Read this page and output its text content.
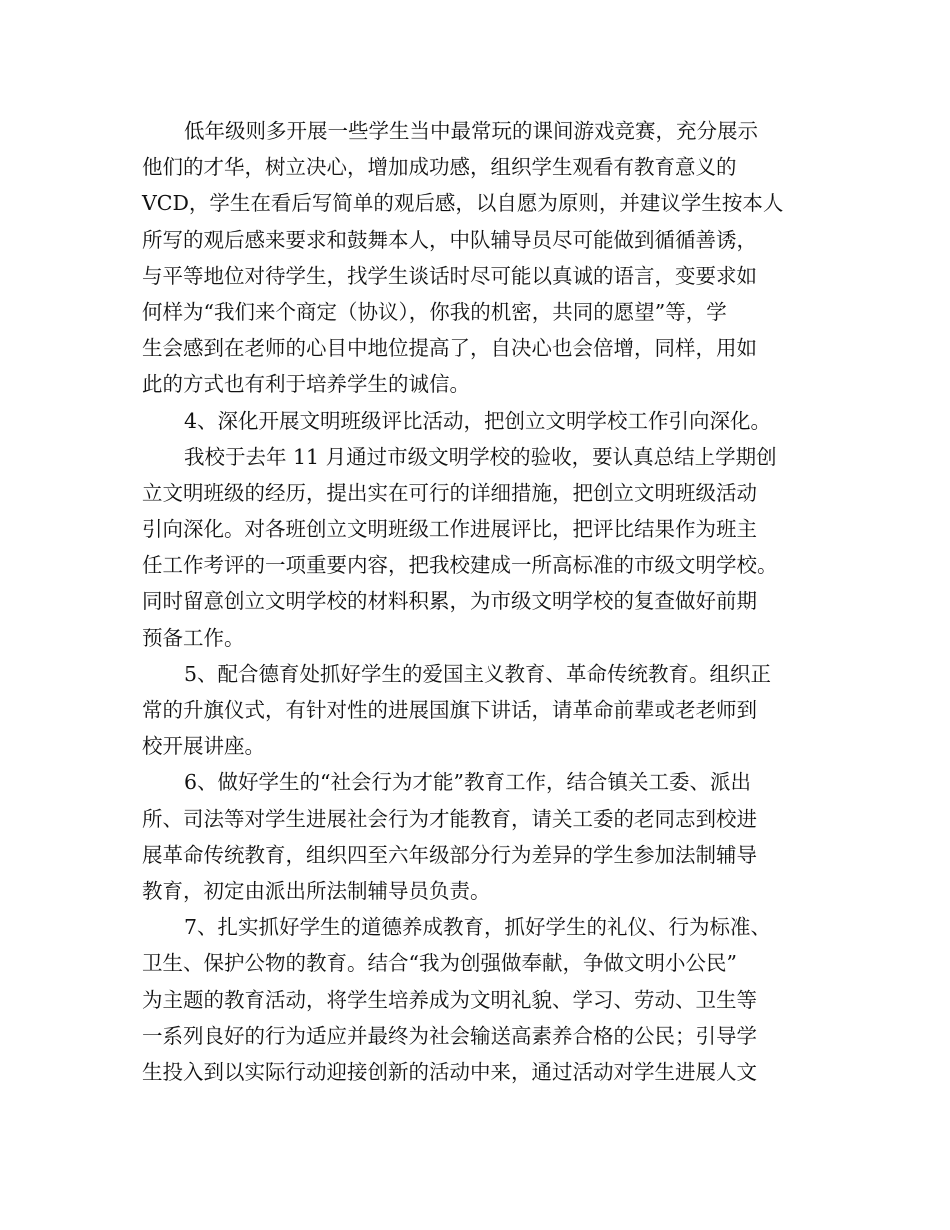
低年级则多开展一些学生当中最常玩的课间游戏竞赛，充分展示
他们的才华，树立决心，增加成功感，组织学生观看有教育意义的
VCD，学生在看后写简单的观后感，以自愿为原则，并建议学生按本人
所写的观后感来要求和鼓舞本人，中队辅导员尽可能做到循循善诱，
与平等地位对待学生，找学生谈话时尽可能以真诚的语言，变要求如
何样为“我们来个商定（协议），你我的机密，共同的愿望”等，学
生会感到在老师的心目中地位提高了，自决心也会倍增，同样，用如
此的方式也有利于培养学生的诚信。
4、深化开展文明班级评比活动，把创立文明学校工作引向深化。
我校于去年 11 月通过市级文明学校的验收，要认真总结上学期创
立文明班级的经历，提出实在可行的详细措施，把创立文明班级活动
引向深化。对各班创立文明班级工作进展评比，把评比结果作为班主
任工作考评的一项重要内容，把我校建成一所高标准的市级文明学校。
同时留意创立文明学校的材料积累，为市级文明学校的复查做好前期
预备工作。
5、配合德育处抓好学生的爱国主义教育、革命传统教育。组织正
常的升旗仪式，有针对性的进展国旗下讲话，请革命前辈或老老师到
校开展讲座。
6、做好学生的“社会行为才能”教育工作，结合镇关工委、派出
所、司法等对学生进展社会行为才能教育，请关工委的老同志到校进
展革命传统教育，组织四至六年级部分行为差异的学生参加法制辅导
教育，初定由派出所法制辅导员负责。
7、扎实抓好学生的道德养成教育，抓好学生的礼仪、行为标准、
卫生、保护公物的教育。结合“我为创强做奉献，争做文明小公民”
为主题的教育活动，将学生培养成为文明礼貌、学习、劳动、卫生等
一系列良好的行为适应并最终为社会输送高素养合格的公民；引导学
生投入到以实际行动迎接创新的活动中来，通过活动对学生进展人文
